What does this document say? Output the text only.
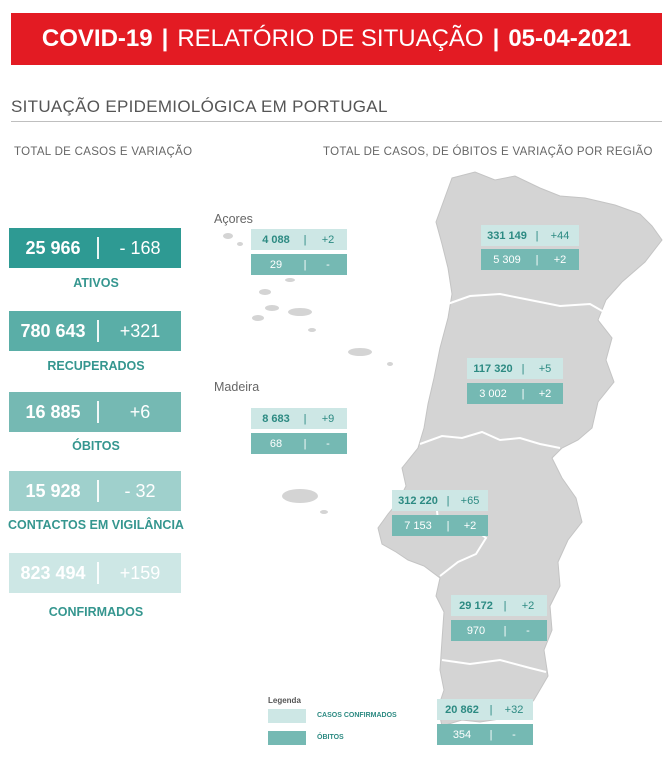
COVID-19 | RELATÓRIO DE SITUAÇÃO | 05-04-2021
SITUAÇÃO EPIDEMIOLÓGICA EM PORTUGAL
TOTAL DE CASOS E VARIAÇÃO	TOTAL DE CASOS, DE ÓBITOS E VARIAÇÃO POR REGIÃO
25 966	- 168
ATIVOS
780 643	+321
RECUPERADOS
16 885	+6
ÓBITOS
15 928	- 32
CONTACTOS EM VIGILÂNCIA
823 494	+159
CONFIRMADOS
Açores
Madeira
4 088	|	+2
29	|	-
8 683	|	+9
68	|	-
331 149 |	+44
5 309	|	+2
117 320 |	+5
3 002	|	+2
312 220 |	+65
7 153	|	+2
29 172 |	+2
970	|	-
20 862 |	+32
354	|	-
Legenda
CASOS CONFIRMADOS
ÓBITOS
